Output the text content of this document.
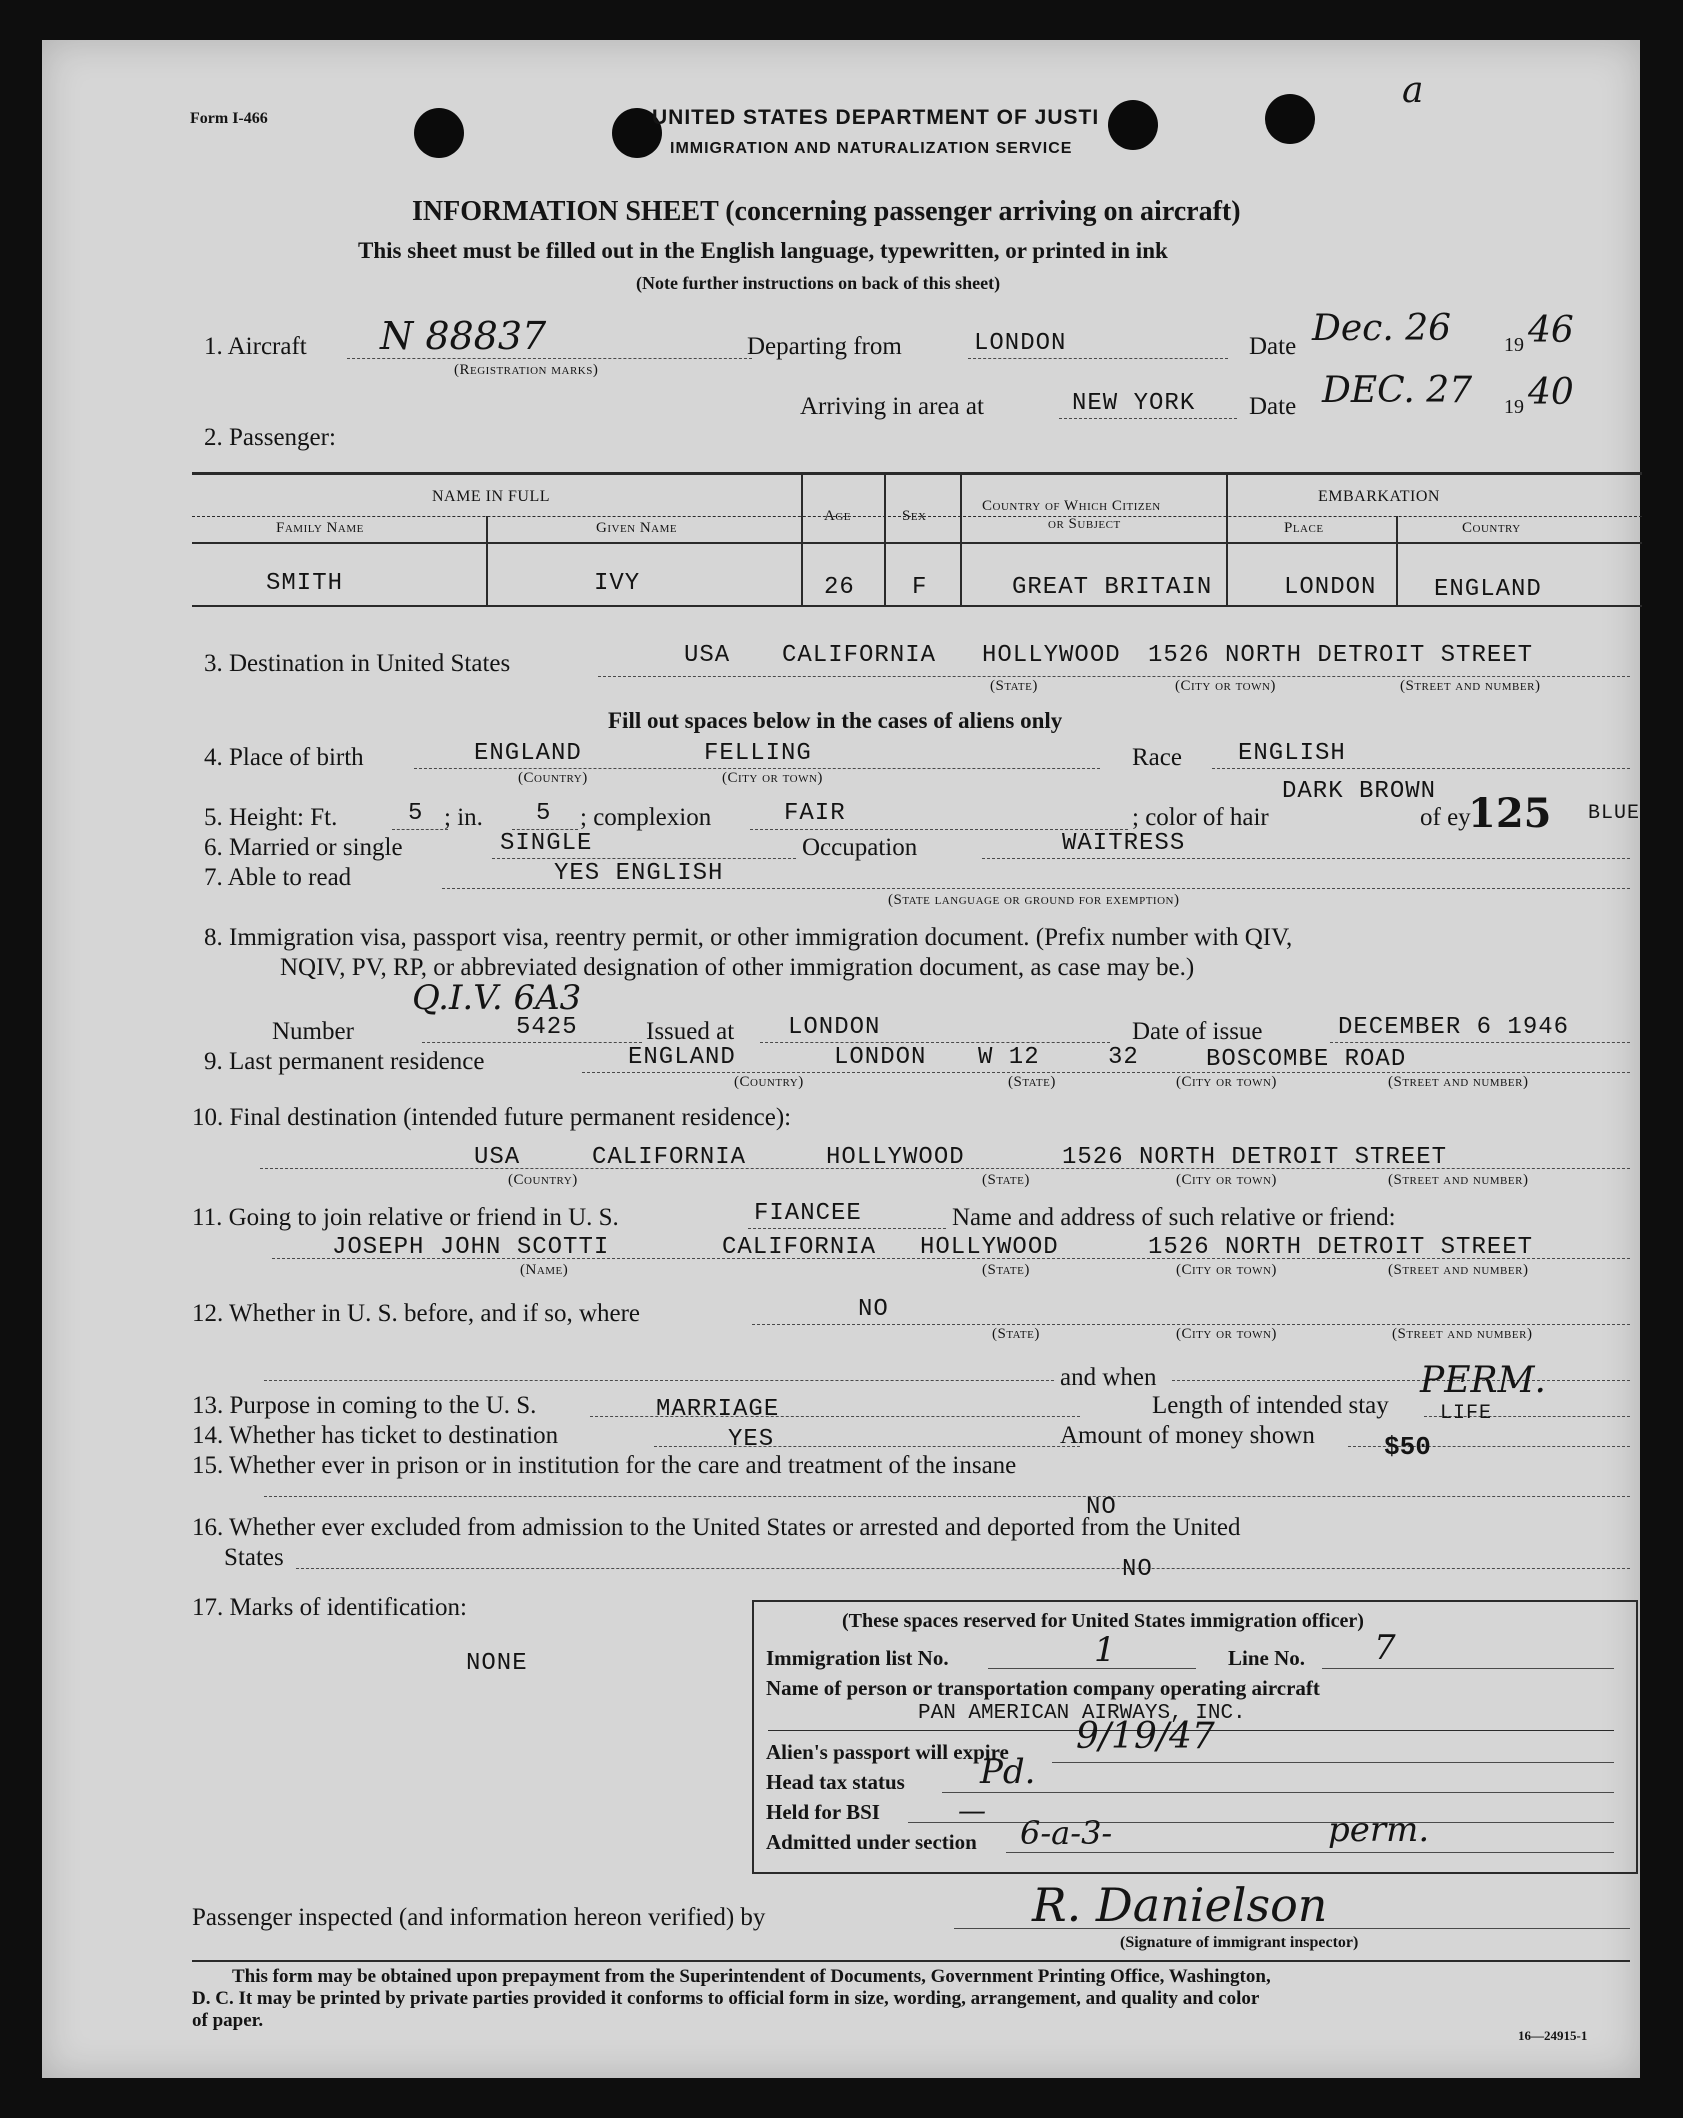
Form I-466
a
UNITED STATES DEPARTMENT OF JUSTI
IMMIGRATION AND NATURALIZATION SERVICE
INFORMATION SHEET (concerning passenger arriving on aircraft)
This sheet must be filled out in the English language, typewritten, or printed in ink
(Note further instructions on back of this sheet)
1. Aircraft N 88837
(Registration marks)
Departing from	LONDON	Date Dec. 26	19 46
Arriving in area at	NEW YORK Date DEC. 27 19 40
2. Passenger:
NAME IN FULL
Family Name	Given Name
Age	Sex
Country of Which Citizen
or Subject
EMBARKATION
Place	Country
SMITH	IVY	26 F	GREAT BRITAIN	LONDON ENGLAND
3. Destination in United States	USA CALIFORNIA HOLLYWOOD 1526 NORTH DETROIT STREET
(State)	(City or town)	(Street and number)
Fill out spaces below in the cases of aliens only
4. Place of birth	ENGLAND	FELLING
(Country)	(City or town)
Race ENGLISH
5. Height: Ft.	5 ; in. 5 ; complexion	FAIR	; color of hair
DARK BROWN
of ey	BLUE
125
6. Married or single	SINGLE	Occupation	WAITRESS
7. Able to read	YES ENGLISH
(State language or ground for exemption)
8. Immigration visa, passport visa, reentry permit, or other immigration document. (Prefix number with QIV,
NQIV, PV, RP, or abbreviated designation of other immigration document, as case may be.)
Q.I.V. 6A3
Number	5425	Issued at LONDON	Date of issue	DECEMBER 6 1946
9. Last permanent residence	ENGLAND	LONDON W 12	32	BOSCOMBE ROAD
(Country)	(State)	(City or town)	(Street and number)
10. Final destination (intended future permanent residence):
USA	CALIFORNIA	HOLLYWOOD	1526 NORTH DETROIT STREET
(Country)	(State)	(City or town)	(Street and number)
11. Going to join relative or friend in U. S.	FIANCEE	Name and address of such relative or friend:
JOSEPH JOHN SCOTTI	CALIFORNIA HOLLYWOOD	1526 NORTH DETROIT STREET
(Name)	(State)	(City or town)	(Street and number)
12. Whether in U. S. before, and if so, where	NO
(State)	(City or town)	(Street and number)
and when
13. Purpose in coming to the U. S.	MARRIAGE	Length of intended stay	LIFE
PERM.
14. Whether has ticket to destination	YES	Amount of money shown	$50
15. Whether ever in prison or in institution for the care and treatment of the insane
NO
16. Whether ever excluded from admission to the United States or arrested and deported from the United
States	NO
17. Marks of identification:
NONE
(These spaces reserved for United States immigration officer)
Immigration list No.	1	Line No. 7
Name of person or transportation company operating aircraft
PAN AMERICAN AIRWAYS, INC.
Alien's passport will expire 9/19/47
Head tax status Pd.
Held for BSI	—
Admitted under section 6-a-3-	perm.
Passenger inspected (and information hereon verified) by	R. Danielson
(Signature of immigrant inspector)
This form may be obtained upon prepayment from the Superintendent of Documents, Government Printing Office, Washington,
D. C. It may be printed by private parties provided it conforms to official form in size, wording, arrangement, and quality and color
of paper.
16—24915-1
